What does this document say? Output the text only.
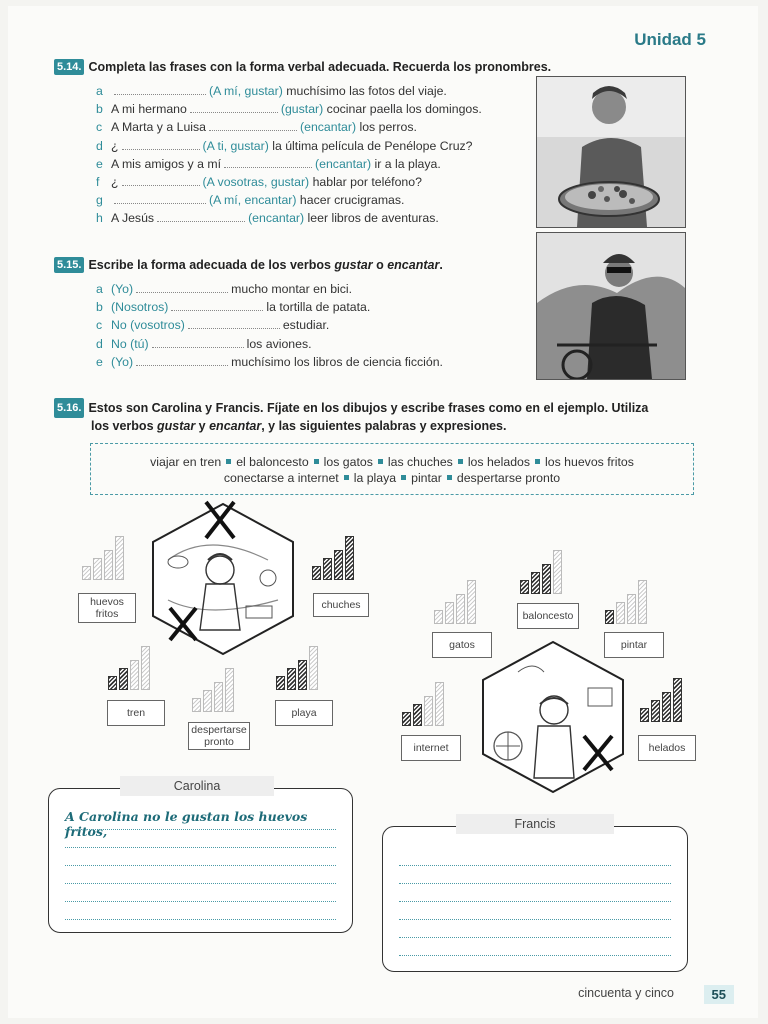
Unidad 5
5.14. Completa las frases con la forma verbal adecuada. Recuerda los pronombres.
a	(A mí, gustar) muchísimo las fotos del viaje.
b A mi hermano	(gustar) cocinar paella los domingos.
c A Marta y a Luisa	(encantar) los perros.
d ¿	(A ti, gustar) la última película de Penélope Cruz?
e A mis amigos y a mí	(encantar) ir a la playa.
f ¿	(A vosotras, gustar) hablar por teléfono?
g	(A mí, encantar) hacer crucigramas.
h A Jesús	(encantar) leer libros de aventuras.
5.15. Escribe la forma adecuada de los verbos gustar o encantar.
a (Yo)	mucho montar en bici.
b (Nosotros)	la tortilla de patata.
c No (vosotros)	estudiar.
d No (tú)	los aviones.
e (Yo)	muchísimo los libros de ciencia ficción.
5.16. Estos son Carolina y Francis. Fíjate en los dibujos y escribe frases como en el ejemplo. Utiliza
los verbos gustar y encantar, y las siguientes palabras y expresiones.
viajar en tren el baloncesto los gatos las chuches los helados los huevos fritos
conectarse a internet la playa pintar despertarse pronto
huevos fritos
chuches
tren
despertarse pronto
playa
gatos
baloncesto
pintar
internet	helados
A Carolina no le gustan los huevos fritos,
Carolina
Francis
cincuenta y cinco	55
